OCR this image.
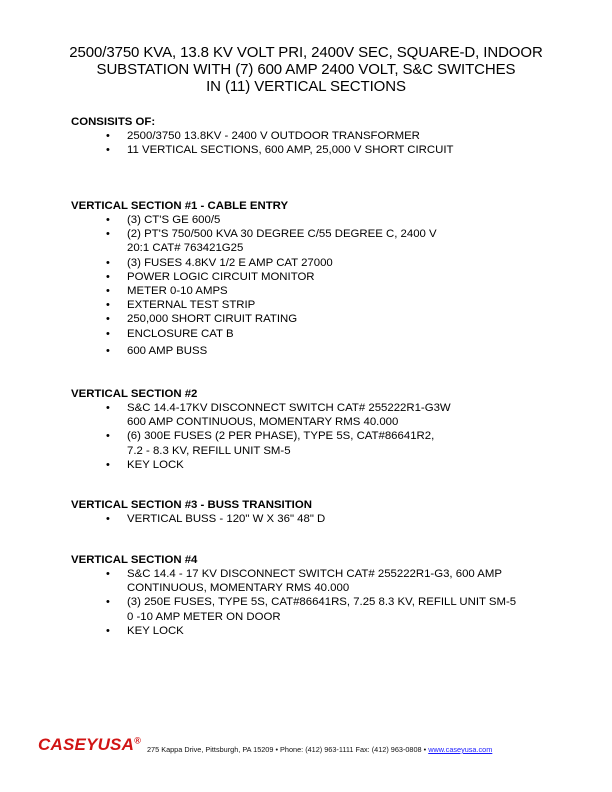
2500/3750 KVA, 13.8 KV VOLT PRI, 2400V SEC, SQUARE-D, INDOOR
SUBSTATION WITH (7) 600 AMP 2400 VOLT, S&C SWITCHES
IN (11) VERTICAL SECTIONS
CONSISITS OF:
• 2500/3750 13.8KV - 2400 V OUTDOOR TRANSFORMER
• 11 VERTICAL SECTIONS, 600 AMP, 25,000 V SHORT CIRCUIT
VERTICAL SECTION #1 - CABLE ENTRY
• (3) CT'S GE 600/5
• (2) PT'S 750/500 KVA 30 DEGREE C/55 DEGREE C, 2400 V
20:1 CAT# 763421G25
• (3) FUSES 4.8KV 1/2 E AMP CAT 27000
• POWER LOGIC CIRCUIT MONITOR
• METER 0-10 AMPS
• EXTERNAL TEST STRIP
• 250,000 SHORT CIRUIT RATING
• ENCLOSURE CAT B
• 600 AMP BUSS
VERTICAL SECTION #2
• S&C 14.4-17KV DISCONNECT SWITCH CAT# 255222R1-G3W
600 AMP CONTINUOUS, MOMENTARY RMS 40.000
• (6) 300E FUSES (2 PER PHASE), TYPE 5S, CAT#86641R2,
7.2 - 8.3 KV, REFILL UNIT SM-5
• KEY LOCK
VERTICAL SECTION #3 - BUSS TRANSITION
• VERTICAL BUSS - 120" W X 36" 48" D
VERTICAL SECTION #4
• S&C 14.4 - 17 KV DISCONNECT SWITCH CAT# 255222R1-G3, 600 AMP
CONTINUOUS, MOMENTARY RMS 40.000
• (3) 250E FUSES, TYPE 5S, CAT#86641RS, 7.25 8.3 KV, REFILL UNIT SM-5
0 -10 AMP METER ON DOOR
• KEY LOCK
CASEYUSA®
275 Kappa Drive, Pittsburgh, PA 15209 • Phone: (412) 963-1111 Fax: (412) 963-0808 • www.caseyusa.com
